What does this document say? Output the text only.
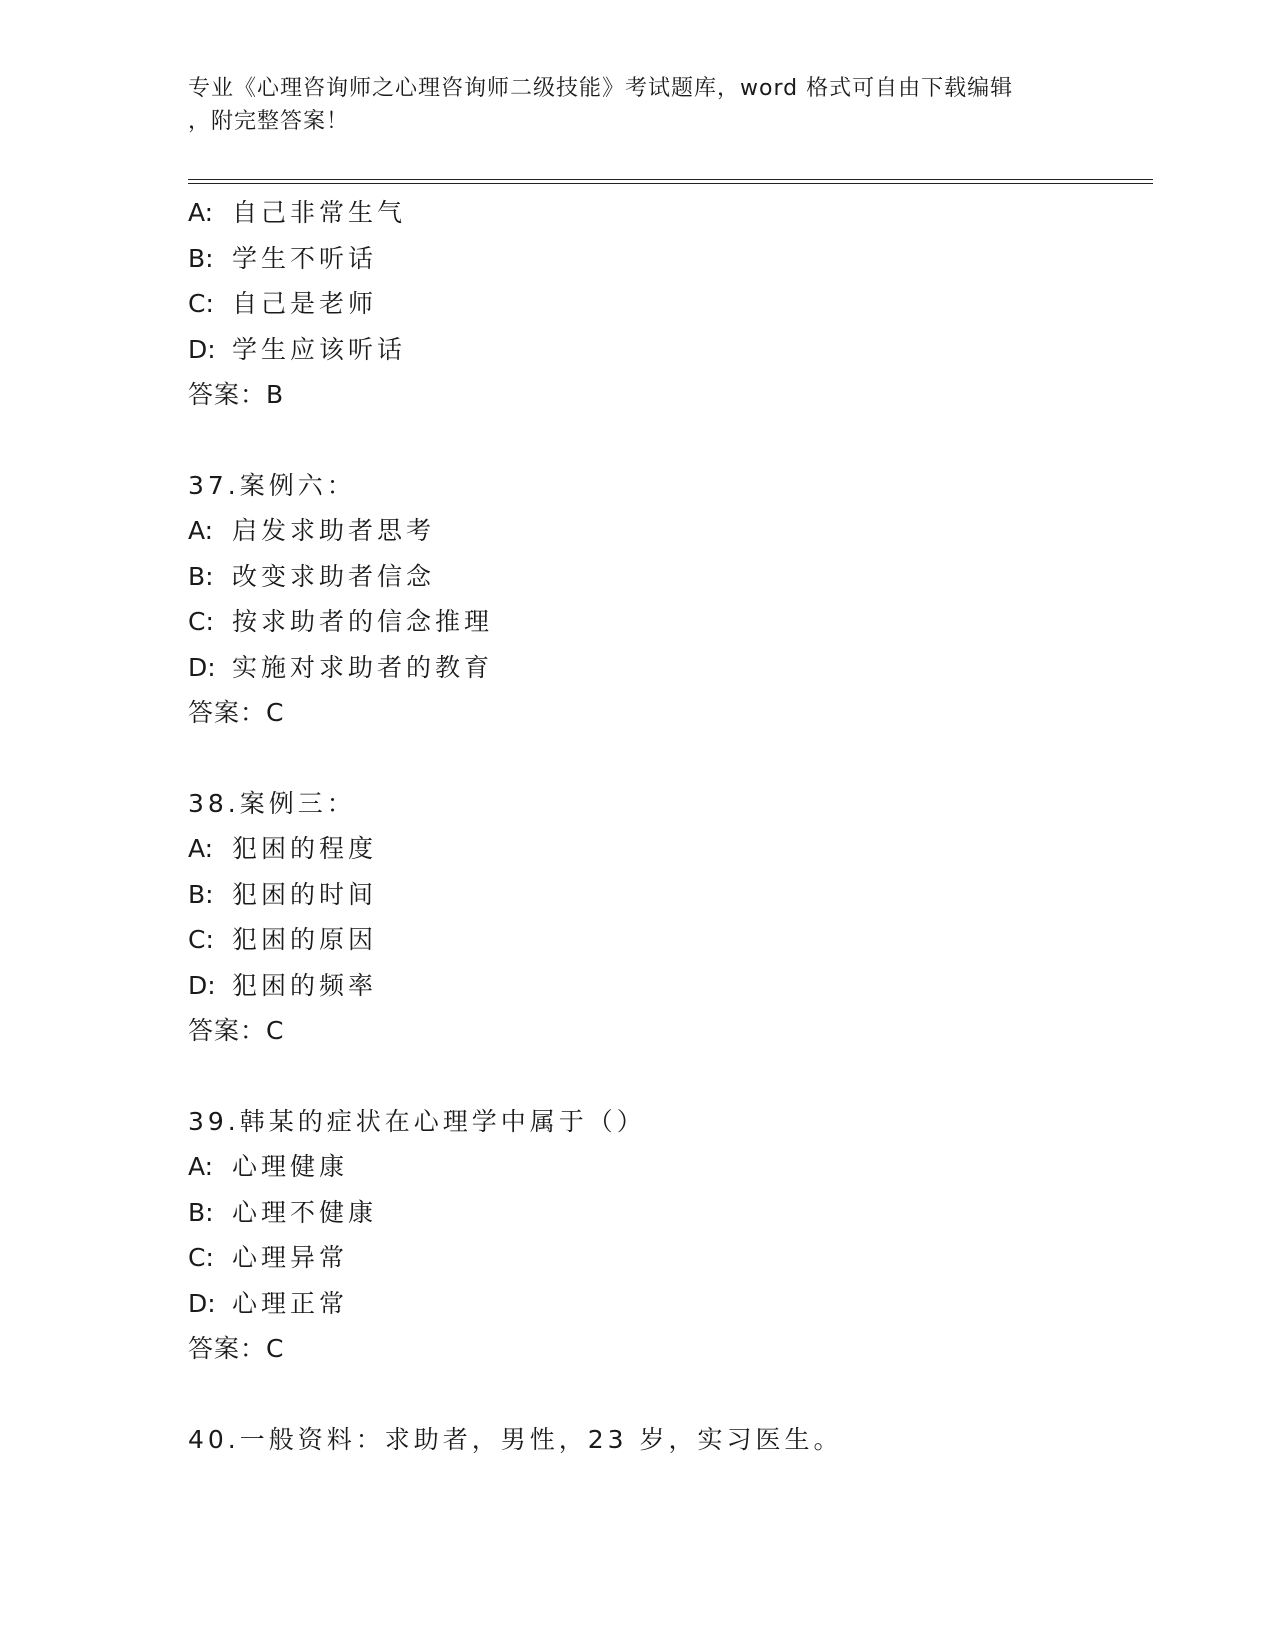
专业《心理咨询师之心理咨询师二级技能》考试题库，word 格式可自由下载编辑
，附完整答案！
A: 自己非常生气
B: 学生不听话
C: 自己是老师
D: 学生应该听话
答案：B
37.案例六：
A: 启发求助者思考
B: 改变求助者信念
C: 按求助者的信念推理
D: 实施对求助者的教育
答案：C
38.案例三：
A: 犯困的程度
B: 犯困的时间
C: 犯困的原因
D: 犯困的频率
答案：C
39.韩某的症状在心理学中属于（）
A: 心理健康
B: 心理不健康
C: 心理异常
D: 心理正常
答案：C
40.一般资料：求助者，男性，23 岁，实习医生。
